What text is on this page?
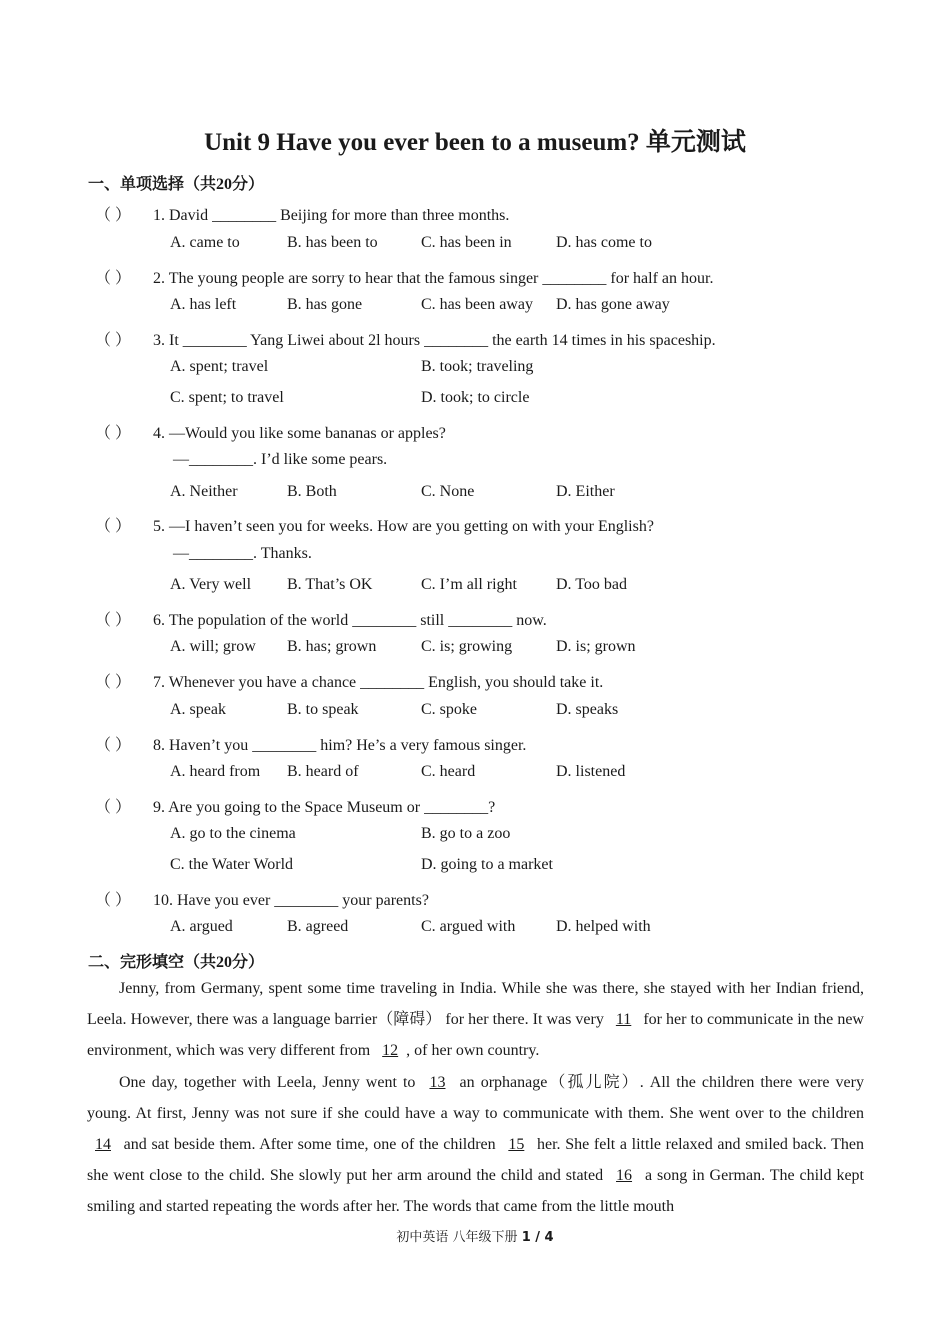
Unit 9 Have you ever been to a museum? 单元测试
一、单项选择（共20分）
（ ） 1. David ________ Beijing for more than three months.
A. came to	B. has been to	C. has been in	D. has come to
（ ） 2. The young people are sorry to hear that the famous singer ________ for half an hour.
A. has left	B. has gone	C. has been away D. has gone away
（ ） 3. It ________ Yang Liwei about 2l hours ________ the earth 14 times in his spaceship.
A. spent; travel	B. took; traveling
C. spent; to travel	D. took; to circle
（ ） 4. —Would you like some bananas or apples?
—________. I’d like some pears.
A. Neither	B. Both	C. None	D. Either
（ ） 5. —I haven’t seen you for weeks. How are you getting on with your English?
—________. Thanks.
A. Very well B. That’s OK	C. I’m all right D. Too bad
（ ） 6. The population of the world ________ still ________ now.
A. will; grow B. has; grown	C. is; growing	D. is; grown
（ ） 7. Whenever you have a chance ________ English, you should take it.
A. speak	B. to speak	C. spoke	D. speaks
（ ） 8. Haven’t you ________ him? He’s a very famous singer.
A. heard from B. heard of	C. heard	D. listened
（ ） 9. Are you going to the Space Museum or ________?
A. go to the cinema	B. go to a zoo
C. the Water World	D. going to a market
（ ） 10. Have you ever ________ your parents?
A. argued	B. agreed	C. argued with	D. helped with
二、完形填空（共20分）

Jenny, from Germany, spent some time traveling in India. While she was there, she stayed with her Indian friend, Leela. However, there was a language barrier（障碍） for her there. It was very 11 for her to communicate in the new environment, which was very different from 12 , of her own country.

One day, together with Leela, Jenny went to 13 an orphanage（孤儿院）. All the children there were very young. At first, Jenny was not sure if she could have a way to communicate with them. She went over to the children 14 and sat beside them. After some time, one of the children 15 her. She felt a little relaxed and smiled back. Then she went close to the child. She slowly put her arm around the child and stated 16 a song in German. The child kept smiling and started repeating the words after her. The words that came from the little mouth

初中英语 八年级下册 1 / 4
